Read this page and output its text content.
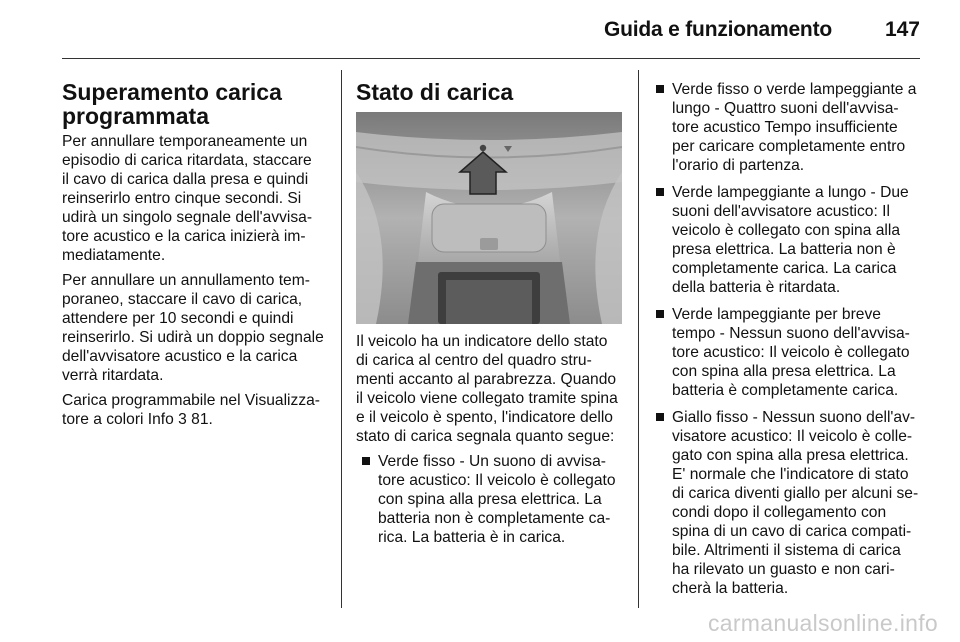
Guida e funzionamento	147
Superamento carica
programmata
Per annullare temporaneamente un
episodio di carica ritardata, staccare
il cavo di carica dalla presa e quindi
reinserirlo entro cinque secondi. Si
udirà un singolo segnale dell'avvisa-
tore acustico e la carica inizierà im-
mediatamente.
Per annullare un annullamento tem-
poraneo, staccare il cavo di carica,
attendere per 10 secondi e quindi
reinserirlo. Si udirà un doppio segnale
dell'avvisatore acustico e la carica
verrà ritardata.
Carica programmabile nel Visualizza-
tore a colori Info 3 81.
Stato di carica
Il veicolo ha un indicatore dello stato
di carica al centro del quadro stru-
menti accanto al parabrezza. Quando
il veicolo viene collegato tramite spina
e il veicolo è spento, l'indicatore dello
stato di carica segnala quanto segue:
Verde fisso - Un suono di avvisa-
tore acustico: Il veicolo è collegato
con spina alla presa elettrica. La
batteria non è completamente ca-
rica. La batteria è in carica.
Verde fisso o verde lampeggiante a
lungo - Quattro suoni dell'avvisa-
tore acustico Tempo insufficiente
per caricare completamente entro
l'orario di partenza.
Verde lampeggiante a lungo - Due
suoni dell'avvisatore acustico: Il
veicolo è collegato con spina alla
presa elettrica. La batteria non è
completamente carica. La carica
della batteria è ritardata.
Verde lampeggiante per breve
tempo - Nessun suono dell'avvisa-
tore acustico: Il veicolo è collegato
con spina alla presa elettrica. La
batteria è completamente carica.
Giallo fisso - Nessun suono dell'av-
visatore acustico: Il veicolo è colle-
gato con spina alla presa elettrica.
E' normale che l'indicatore di stato
di carica diventi giallo per alcuni se-
condi dopo il collegamento con
spina di un cavo di carica compati-
bile. Altrimenti il sistema di carica
ha rilevato un guasto e non cari-
cherà la batteria.
carmanualsonline.info
